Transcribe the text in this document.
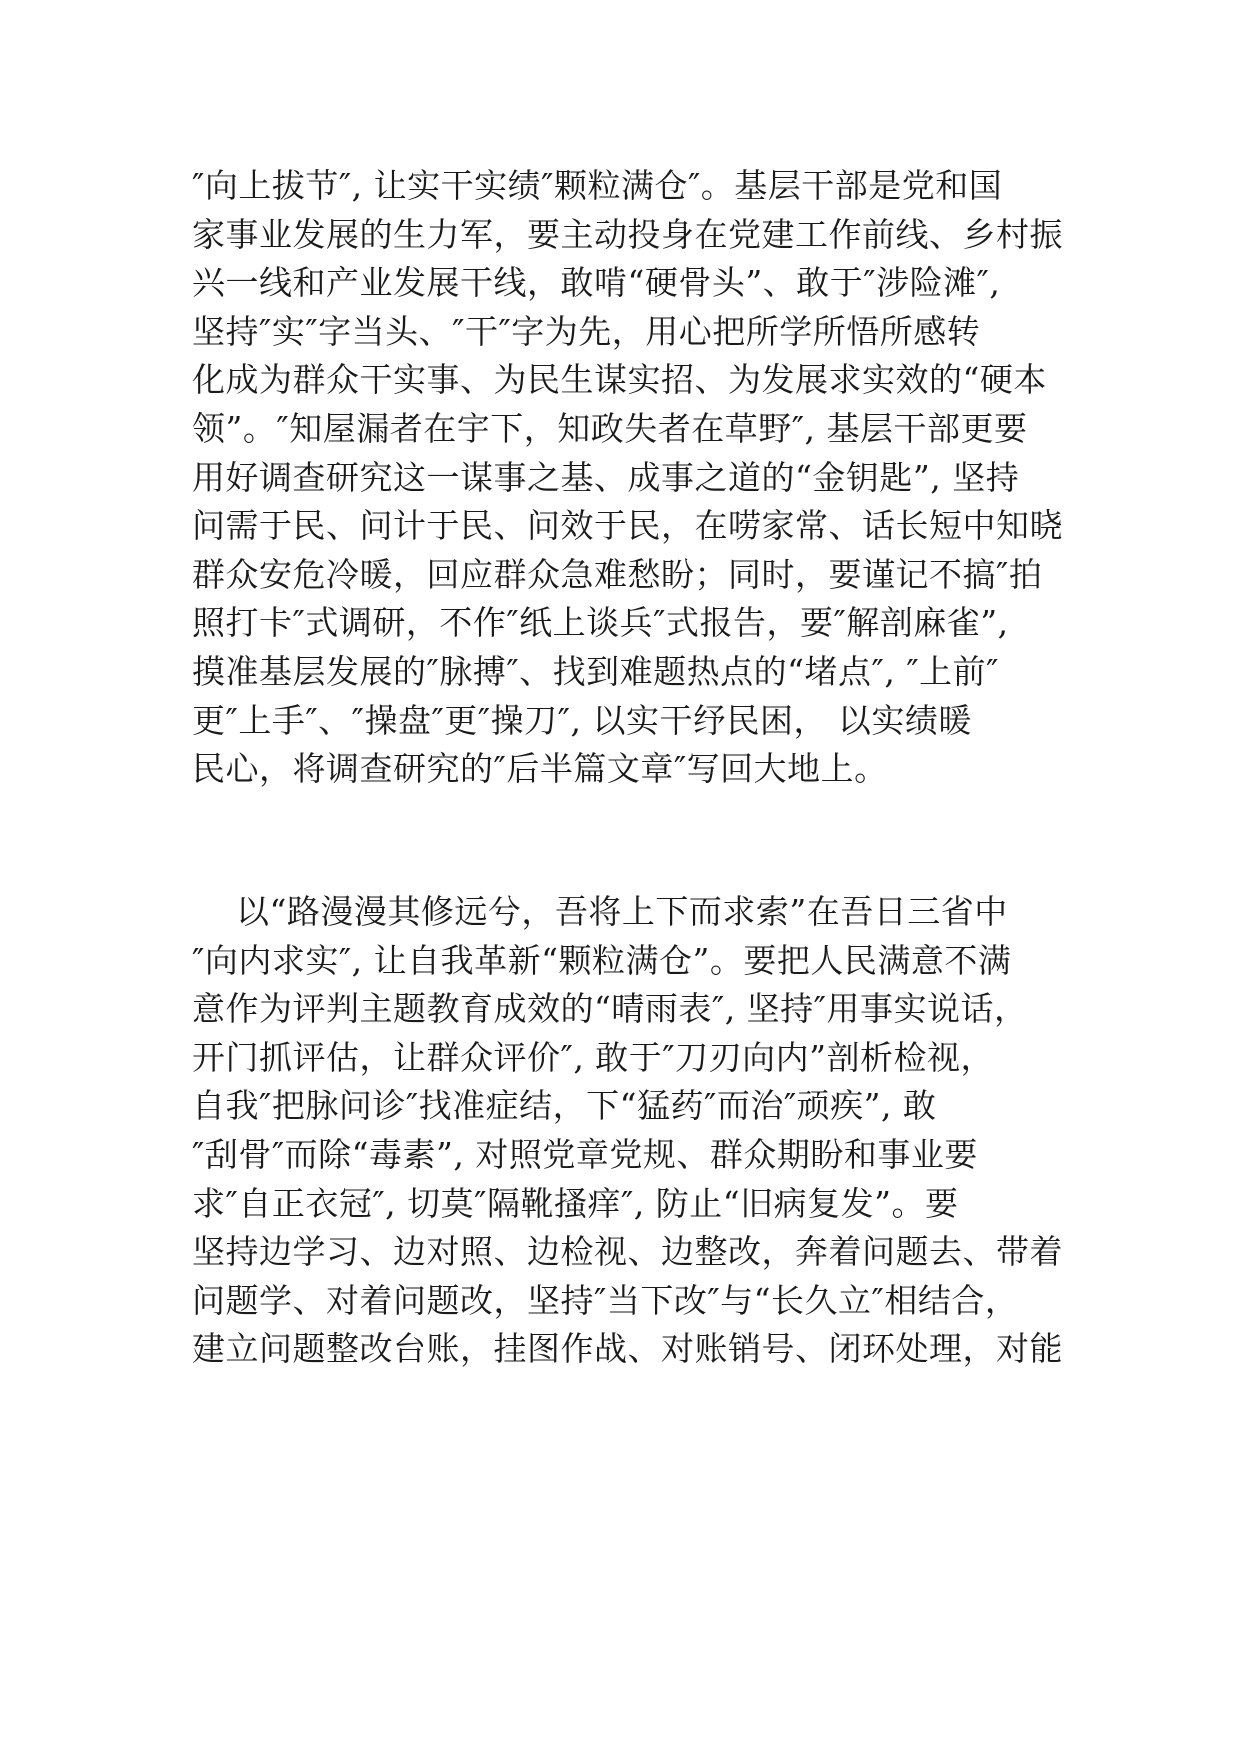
″向上拔节″, 让实干实绩″颗粒满仓″。基层干部是党和国
家事业发展的生力军，要主动投身在党建工作前线、乡村振
兴一线和产业发展干线，敢啃“硬骨头”、敢于″涉险滩″,
坚持″实″字当头、″干″字为先，用心把所学所悟所感转
化成为群众干实事、为民生谋实招、为发展求实效的“硬本
领”。″知屋漏者在宇下，知政失者在草野″, 基层干部更要
用好调查研究这一谋事之基、成事之道的“金钥匙”, 坚持
问需于民、问计于民、问效于民，在唠家常、话长短中知晓
群众安危冷暖，回应群众急难愁盼；同时，要谨记不搞″拍
照打卡″式调研，不作″纸上谈兵″式报告，要″解剖麻雀”,
摸准基层发展的″脉搏″、找到难题热点的“堵点″, ″上前″
更″上手″、″操盘″更″操刀″, 以实干纾民困， 以实绩暖
民心，将调查研究的″后半篇文章″写回大地上。
以“路漫漫其修远兮，吾将上下而求索”在吾日三省中
″向内求实″, 让自我革新“颗粒满仓”。要把人民满意不满
意作为评判主题教育成效的“晴雨表″, 坚持″用事实说话，
开门抓评估，让群众评价″, 敢于″刀刃向内”剖析检视，
自我″把脉问诊″找准症结，下“猛药″而治″顽疾”, 敢
″刮骨″而除“毒素”, 对照党章党规、群众期盼和事业要
求″自正衣冠″, 切莫″隔靴搔痒″, 防止“旧病复发”。要
坚持边学习、边对照、边检视、边整改，奔着问题去、带着
问题学、对着问题改，坚持″当下改″与“长久立″相结合，
建立问题整改台账，挂图作战、对账销号、闭环处理，对能
